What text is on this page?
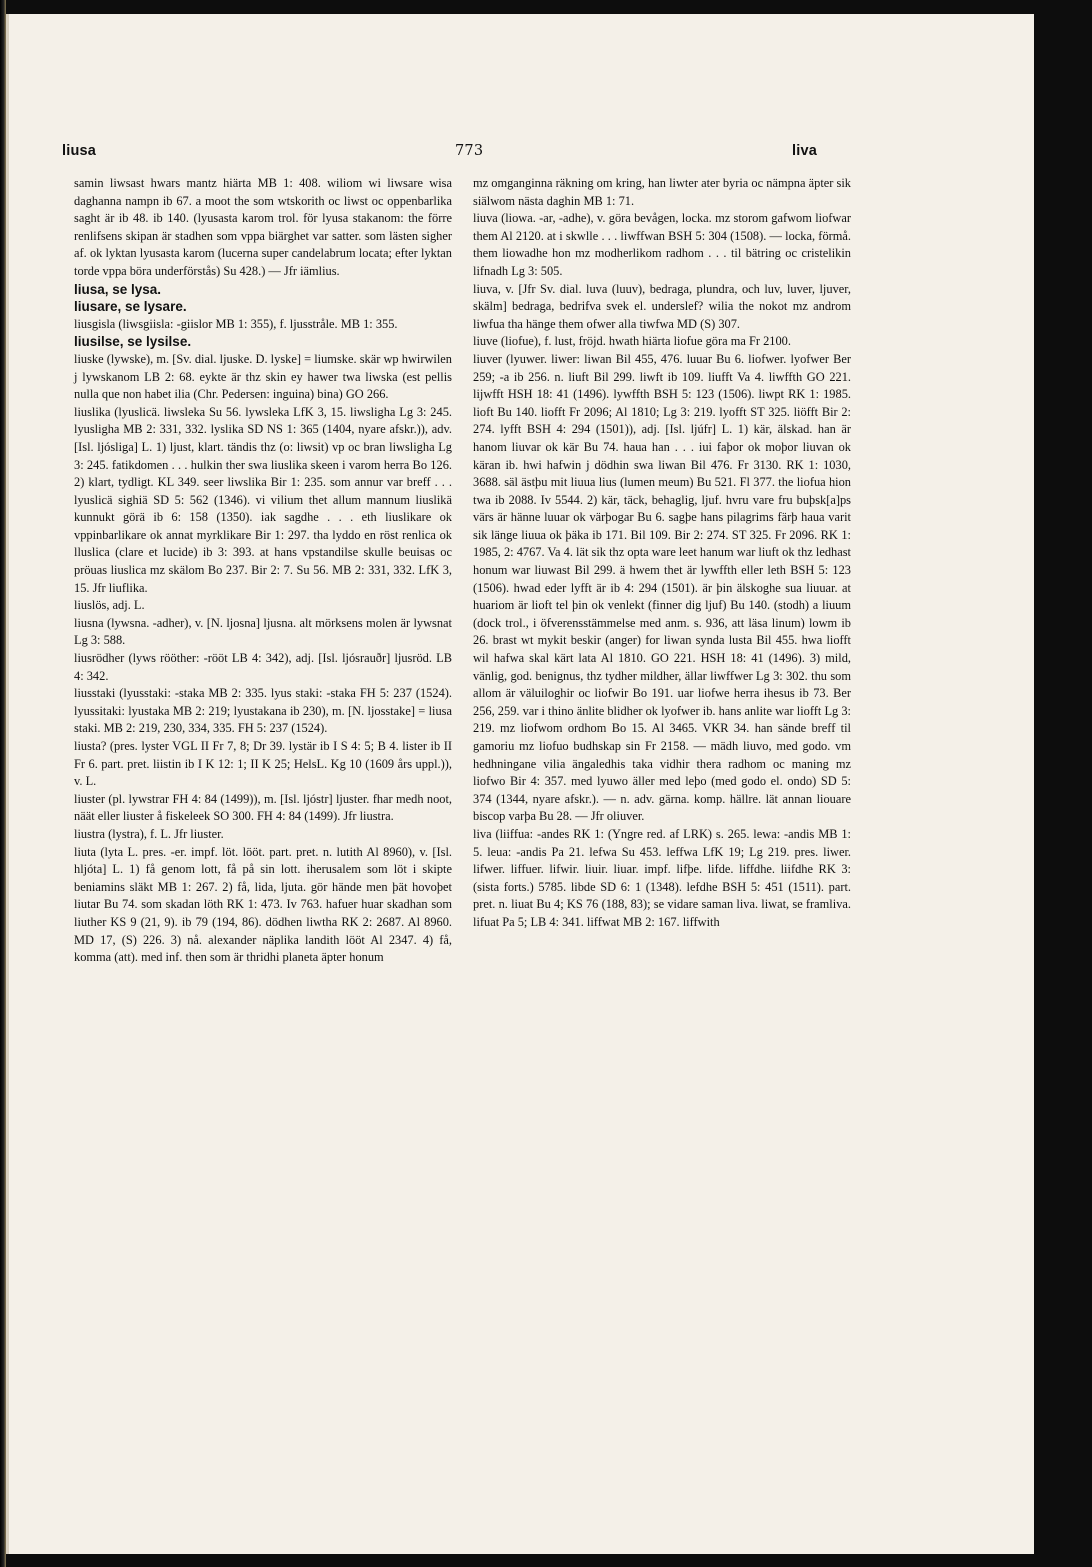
liusa	773	liva

samin liwsast hwars mantz hiärta MB 1: 408. wiliom wi liwsare wisa daghanna nampn ib 67. a moot the som wtskorith oc liwst oc oppenbarlika saght är ib 48. ib 140. (lyusasta karom trol. för lyusa stakanom: the förre renlifsens skipan är stadhen som vppa biärghet var satter. som lästen sigher af. ok lyktan lyusasta karom (lucerna super candelabrum locata; efter lyktan torde vppa böra underförstås) Su 428.) — Jfr iämlius.

liusa, se lysa.

liusare, se lysare.

liusgisla (liwsgiisla: -giislor MB 1: 355), f. ljusstråle. MB 1: 355.

liusilse, se lysilse.

liuske (lywske), m. [Sv. dial. ljuske. D. lyske] = liumske. skär wp hwirwilen j lywskanom LB 2: 68. eykte är thz skin ey hawer twa liwska (est pellis nulla que non habet ilia (Chr. Pedersen: inguina) bina) GO 266.

liuslika (lyuslicä. liwsleka Su 56. lywsleka LfK 3, 15. liwsligha Lg 3: 245. lyusligha MB 2: 331, 332. lyslika SD NS 1: 365 (1404, nyare afskr.)), adv. [Isl. ljósliga] L. 1) ljust, klart. tändis thz (o: liwsit) vp oc bran liwsligha Lg 3: 245. fatikdomen . . . hulkin ther swa liuslika skeen i varom herra Bo 126. 2) klart, tydligt. KL 349. seer liwslika Bir 1: 235. som annur var breff . . . lyuslicä sighiä SD 5: 562 (1346). vi vilium thet allum mannum liuslikä kunnukt görä ib 6: 158 (1350). iak sagdhe . . . eth liuslikare ok vppinbarlikare ok annat myrklikare Bir 1: 297. tha lyddo en röst renlica ok lluslica (clare et lucide) ib 3: 393. at hans vpstandilse skulle beuisas oc pröuas liuslica mz skälom Bo 237. Bir 2: 7. Su 56. MB 2: 331, 332. LfK 3, 15. Jfr liuflika.

liuslös, adj. L.

liusna (lywsna. -adher), v. [N. ljosna] ljusna. alt mörksens molen är lywsnat Lg 3: 588.

liusrödher (lyws rööther: -rööt LB 4: 342), adj. [Isl. ljósrauðr] ljusröd. LB 4: 342.

liusstaki (lyusstaki: -staka MB 2: 335. lyus staki: -staka FH 5: 237 (1524). lyussitaki: lyustaka MB 2: 219; lyustakana ib 230), m. [N. ljosstake] = liusa staki. MB 2: 219, 230, 334, 335. FH 5: 237 (1524).

liusta? (pres. lyster VGL II Fr 7, 8; Dr 39. lystär ib I S 4: 5; B 4. lister ib II Fr 6. part. pret. liistin ib I K 12: 1; II K 25; HelsL. Kg 10 (1609 års uppl.)), v. L.

liuster (pl. lywstrar FH 4: 84 (1499)), m. [Isl. ljóstr] ljuster. fhar medh noot, näät eller liuster å fiskeleek SO 300. FH 4: 84 (1499). Jfr liustra.

liustra (lystra), f. L. Jfr liuster.

liuta (lyta L. pres. -er. impf. löt. lööt. part. pret. n. lutith Al 8960), v. [Isl. hljóta] L. 1) få genom lott, få på sin lott. iherusalem som löt i skipte beniamins släkt MB 1: 267. 2) få, lida, ljuta. gör hände men þät hovoþet liutar Bu 74. som skadan löth RK 1: 473. Iv 763. hafuer huar skadhan som liuther KS 9 (21, 9). ib 79 (194, 86). dödhen liwtha RK 2: 2687. Al 8960. MD 17, (S) 226. 3) nå. alexander näplika landith lööt Al 2347. 4) få, komma (att). med inf. then som är thridhi planeta äpter honum

mz omganginna räkning om kring, han liwter ater byria oc nämpna äpter sik siälwom nästa daghin MB 1: 71.

liuva (liowa. -ar, -adhe), v. göra bevågen, locka. mz storom gafwom liofwar them Al 2120. at i skwlle . . . liwffwan BSH 5: 304 (1508). — locka, förmå. them liowadhe hon mz modherlikom radhom . . . til bätring oc cristelikin lifnadh Lg 3: 505.

liuva, v. [Jfr Sv. dial. luva (luuv), bedraga, plundra, och luv, luver, ljuver, skälm] bedraga, bedrifva svek el. underslef? wilia the nokot mz androm liwfua tha hänge them ofwer alla tiwfwa MD (S) 307.

liuve (liofue), f. lust, fröjd. hwath hiärta liofue göra ma Fr 2100.

liuver (lyuwer. liwer: liwan Bil 455, 476. luuar Bu 6. liofwer. lyofwer Ber 259; -a ib 256. n. liuft Bil 299. liwft ib 109. liufft Va 4. liwffth GO 221. lijwfft HSH 18: 41 (1496). lywffth BSH 5: 123 (1506). liwpt RK 1: 1985. lioft Bu 140. liofft Fr 2096; Al 1810; Lg 3: 219. lyofft ST 325. liöfft Bir 2: 274. lyfft BSH 4: 294 (1501)), adj. [Isl. ljúfr] L. 1) kär, älskad. han är hanom liuvar ok kär Bu 74. haua han . . . iui faþor ok moþor liuvan ok käran ib. hwi hafwin j dödhin swa liwan Bil 476. Fr 3130. RK 1: 1030, 3688. säl ästþu mit liuua lius (lumen meum) Bu 521. Fl 377. the liofua hion twa ib 2088. Iv 5544. 2) kär, täck, behaglig, ljuf. hvru vare fru buþsk[a]ps värs är hänne luuar ok värþogar Bu 6. sagþe hans pilagrims färþ haua varit sik länge liuua ok þäka ib 171. Bil 109. Bir 2: 274. ST 325. Fr 2096. RK 1: 1985, 2: 4767. Va 4. lät sik thz opta ware leet hanum war liuft ok thz ledhast honum war liuwast Bil 299. ä hwem thet är lywffth eller leth BSH 5: 123 (1506). hwad eder lyfft är ib 4: 294 (1501). är þin älskoghe sua liuuar. at huariom är lioft tel þin ok venlekt (finner dig ljuf) Bu 140. (stodh) a liuum (dock trol., i öfverensstämmelse med anm. s. 936, att läsa linum) lowm ib 26. brast wt mykit beskir (anger) for liwan synda lusta Bil 455. hwa liofft wil hafwa skal kärt lata Al 1810. GO 221. HSH 18: 41 (1496). 3) mild, vänlig, god. benignus, thz tydher mildher, ällar liwffwer Lg 3: 302. thu som allom är väluiloghir oc liofwir Bo 191. uar liofwe herra ihesus ib 73. Ber 256, 259. var i thino änlite blidher ok lyofwer ib. hans anlite war liofft Lg 3: 219. mz liofwom ordhom Bo 15. Al 3465. VKR 34. han sände breff til gamoriu mz liofuo budhskap sin Fr 2158. — mädh liuvo, med godo. vm hedhningane vilia ängaledhis taka vidhir thera radhom oc maning mz liofwo Bir 4: 357. med lyuwo äller med leþo (med godo el. ondo) SD 5: 374 (1344, nyare afskr.). — n. adv. gärna. komp. hällre. lät annan liouare biscop varþa Bu 28. — Jfr oliuver.

liva (liiffua: -andes RK 1: (Yngre red. af LRK) s. 265. lewa: -andis MB 1: 5. leua: -andis Pa 21. lefwa Su 453. leffwa LfK 19; Lg 219. pres. liwer. lifwer. liffuer. lifwir. liuir. liuar. impf. lifþe. lifde. liffdhe. liifdhe RK 3: (sista forts.) 5785. libde SD 6: 1 (1348). lefdhe BSH 5: 451 (1511). part. pret. n. liuat Bu 4; KS 76 (188, 83); se vidare saman liva. liwat, se framliva. lifuat Pa 5; LB 4: 341. liffwat MB 2: 167. liffwith
